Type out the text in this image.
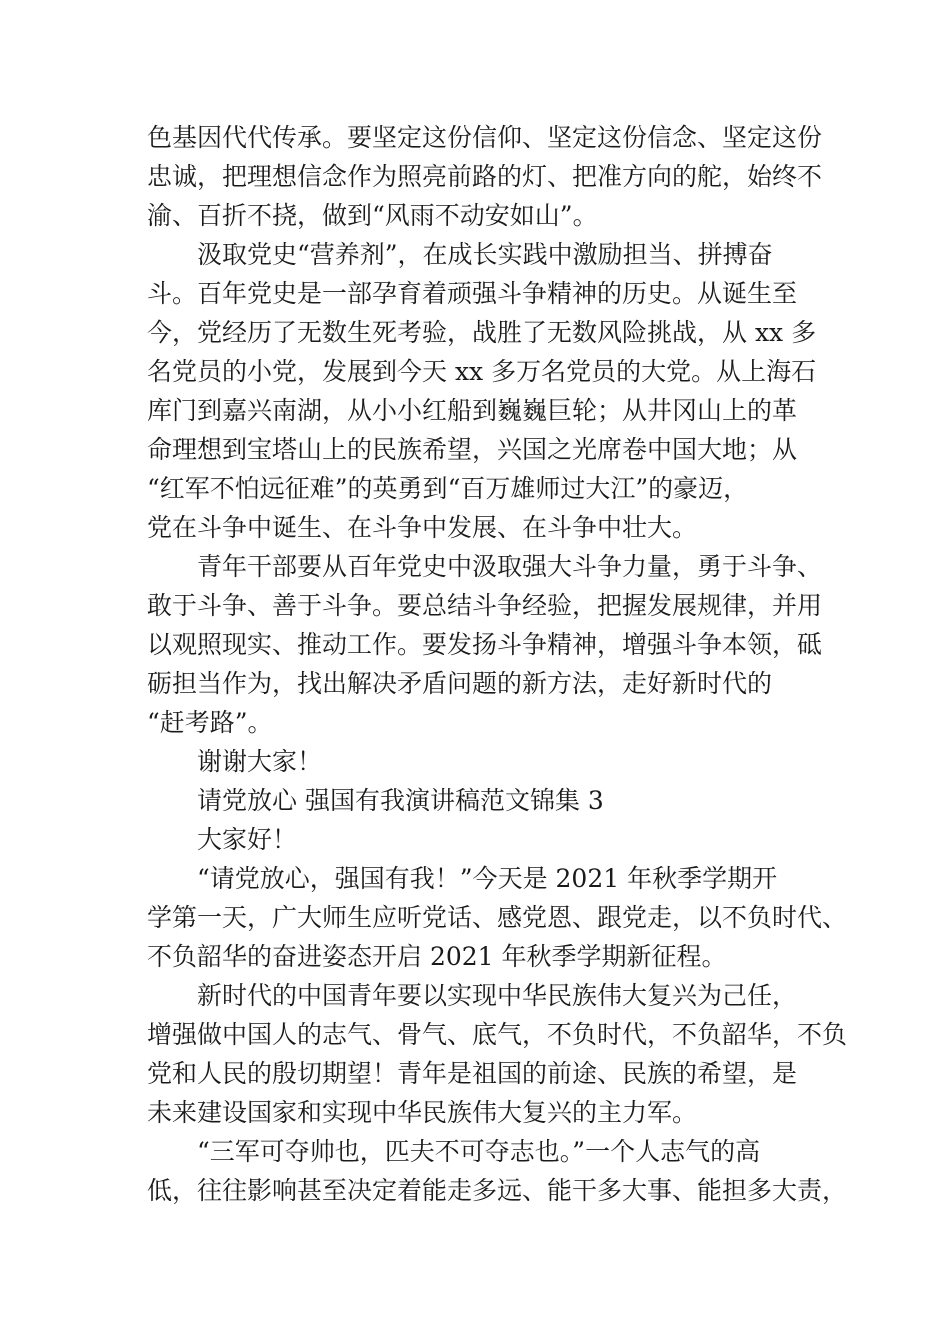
色基因代代传承。要坚定这份信仰、坚定这份信念、坚定这份
忠诚，把理想信念作为照亮前路的灯、把准方向的舵，始终不
渝、百折不挠，做到“风雨不动安如山”。
汲取党史“营养剂”，在成长实践中激励担当、拼搏奋
斗。百年党史是一部孕育着顽强斗争精神的历史。从诞生至
今，党经历了无数生死考验，战胜了无数风险挑战，从 xx 多
名党员的小党，发展到今天 xx 多万名党员的大党。从上海石
库门到嘉兴南湖，从小小红船到巍巍巨轮；从井冈山上的革
命理想到宝塔山上的民族希望，兴国之光席卷中国大地；从
“红军不怕远征难”的英勇到“百万雄师过大江”的豪迈，
党在斗争中诞生、在斗争中发展、在斗争中壮大。
青年干部要从百年党史中汲取强大斗争力量，勇于斗争、
敢于斗争、善于斗争。要总结斗争经验，把握发展规律，并用
以观照现实、推动工作。要发扬斗争精神，增强斗争本领，砥
砺担当作为，找出解决矛盾问题的新方法，走好新时代的
“赶考路”。
谢谢大家！
请党放心 强国有我演讲稿范文锦集 3
大家好！
“请党放心，强国有我！”今天是 2021 年秋季学期开
学第一天，广大师生应听党话、感党恩、跟党走，以不负时代、
不负韶华的奋进姿态开启 2021 年秋季学期新征程。
新时代的中国青年要以实现中华民族伟大复兴为己任，
增强做中国人的志气、骨气、底气，不负时代，不负韶华，不负
党和人民的殷切期望！青年是祖国的前途、民族的希望，是
未来建设国家和实现中华民族伟大复兴的主力军。
“三军可夺帅也，匹夫不可夺志也。”一个人志气的高
低，往往影响甚至决定着能走多远、能干多大事、能担多大责，
